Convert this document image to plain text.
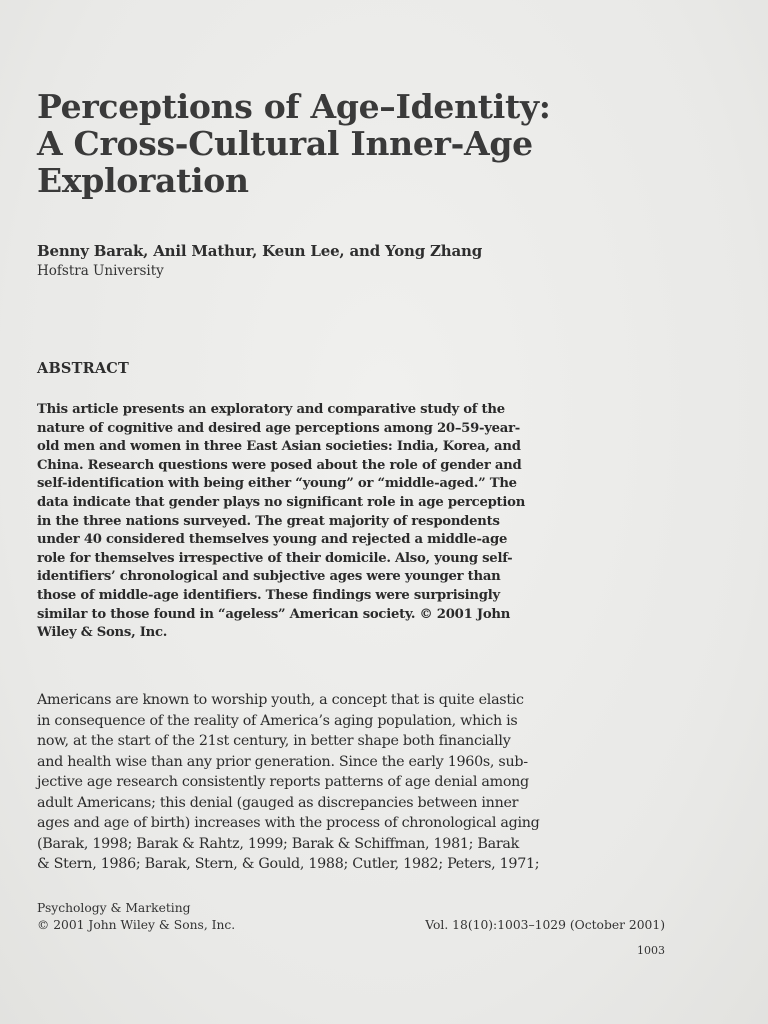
Perceptions of Age–Identity:
A Cross-Cultural Inner-Age
Exploration
Benny Barak, Anil Mathur, Keun Lee, and Yong Zhang
Hofstra University
ABSTRACT
This article presents an exploratory and comparative study of the
nature of cognitive and desired age perceptions among 20–59-year-
old men and women in three East Asian societies: India, Korea, and
China. Research questions were posed about the role of gender and
self-identification with being either “young” or “middle-aged.” The
data indicate that gender plays no significant role in age perception
in the three nations surveyed. The great majority of respondents
under 40 considered themselves young and rejected a middle-age
role for themselves irrespective of their domicile. Also, young self-
identifiers’ chronological and subjective ages were younger than
those of middle-age identifiers. These findings were surprisingly
similar to those found in “ageless” American society. © 2001 John
Wiley & Sons, Inc.
Americans are known to worship youth, a concept that is quite elastic
in consequence of the reality of America’s aging population, which is
now, at the start of the 21st century, in better shape both financially
and health wise than any prior generation. Since the early 1960s, sub-
jective age research consistently reports patterns of age denial among
adult Americans; this denial (gauged as discrepancies between inner
ages and age of birth) increases with the process of chronological aging
(Barak, 1998; Barak & Rahtz, 1999; Barak & Schiffman, 1981; Barak
& Stern, 1986; Barak, Stern, & Gould, 1988; Cutler, 1982; Peters, 1971;
Psychology & Marketing
© 2001 John Wiley & Sons, Inc.	Vol. 18(10):1003–1029 (October 2001)
1003
